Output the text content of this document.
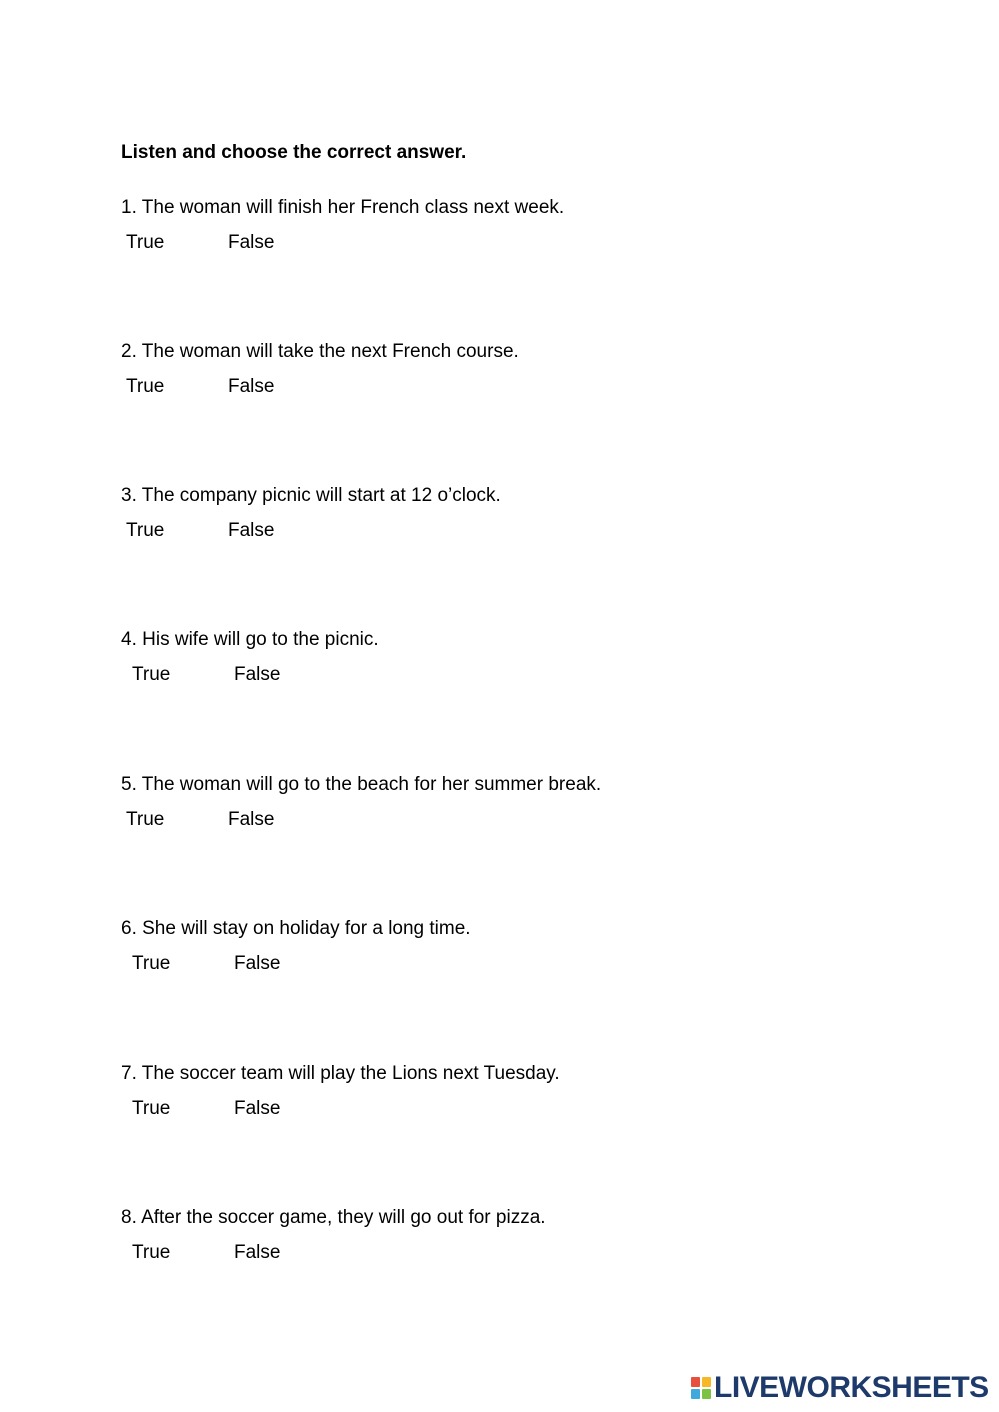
Listen and choose the correct answer.

1. The woman will finish her French class next week.
True	False
2. The woman will take the next French course.
True	False
3. The company picnic will start at 12 o’clock.
True	False
4. His wife will go to the picnic.
True	False
5. The woman will go to the beach for her summer break.
True	False
6. She will stay on holiday for a long time.
True	False
7. The soccer team will play the Lions next Tuesday.
True	False
8. After the soccer game, they will go out for pizza.
True	False
LIVEWORKSHEETS
